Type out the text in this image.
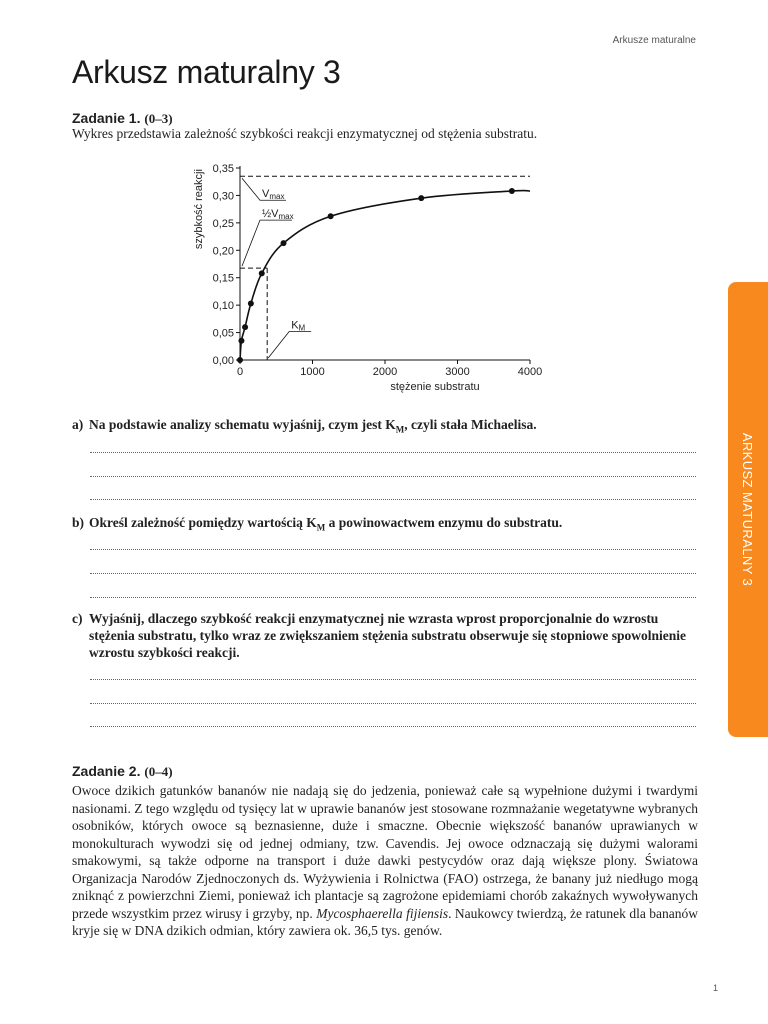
Arkusze maturalne
Arkusz maturalny 3
Zadanie 1. (0–3)
Wykres przedstawia zależność szybkości reakcji enzymatycznej od stężenia substratu.
0	1000	2000	3000	4000
0,00
0,05
0,10
0,15
0,20
0,25
0,30
0,35
Vmax
½Vmax
KM
stężenie substratu
szybkość reakcji
a) Na podstawie analizy schematu wyjaśnij, czym jest $K_M$, czyli stała Michaelisa.
b) Określ zależność pomiędzy wartością $K_M$ a powinowactwem enzymu do substratu.
c) Wyjaśnij, dlaczego szybkość reakcji enzymatycznej nie wzrasta wprost proporcjonalnie do wzrostu stężenia substratu, tylko wraz ze zwiększaniem stężenia substratu obserwuje się stopniowe spowolnienie wzrostu szybkości reakcji.
ARKUSZ MATURALNY 3
Zadanie 2. (0–4)
Owoce dzikich gatunków bananów nie nadają się do jedzenia, ponieważ całe są wypełnione dużymi i twardymi nasionami. Z tego względu od tysięcy lat w uprawie bananów jest stosowane rozmnażanie wegetatywne wybranych osobników, których owoce są beznasienne, duże i smaczne. Obecnie większość bananów uprawianych w monokulturach wywodzi się od jednej odmiany, tzw. Cavendis. Jej owoce odznaczają się dużymi walorami smakowymi, są także odporne na transport i duże dawki pestycydów oraz dają większe plony. Światowa Organizacja Narodów Zjednoczonych ds. Wyżywienia i Rolnictwa (FAO) ostrzega, że banany już niedługo mogą zniknąć z powierzchni Ziemi, ponieważ ich plantacje są zagrożone epidemiami chorób zakaźnych wywoływanych przede wszystkim przez wirusy i grzyby, np. Mycosphaerella fijiensis. Naukowcy twierdzą, że ratunek dla bananów kryje się w DNA dzikich odmian, który zawiera ok. 36,5 tys. genów.
1
